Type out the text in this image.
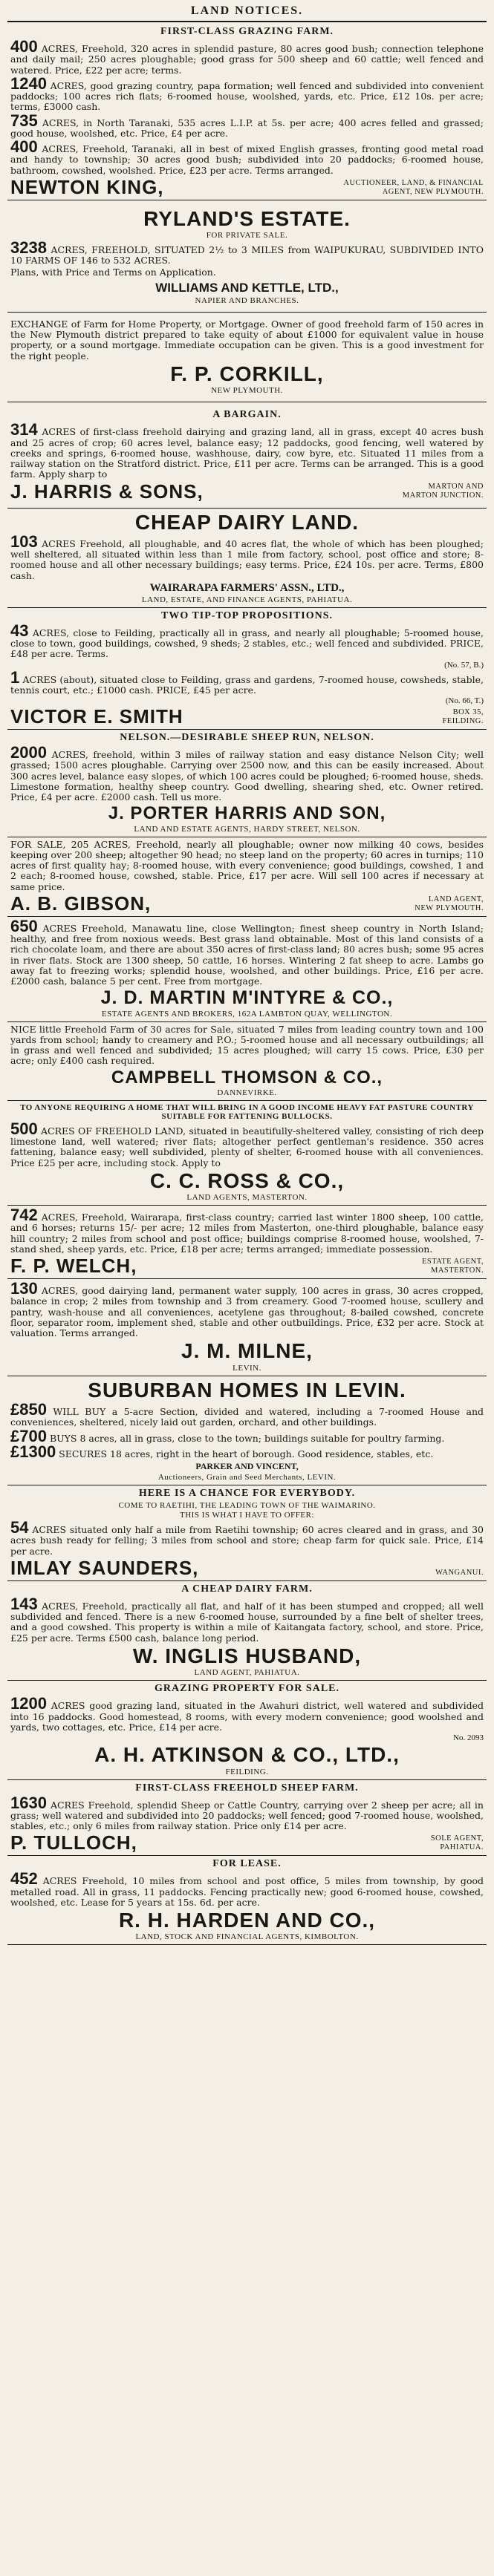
LAND NOTICES.
FIRST-CLASS GRAZING FARM.
400 ACRES, Freehold, 320 acres in splendid pasture, 80 acres good bush; connection telephone and daily mail; 250 acres ploughable; good grass for 500 sheep and 60 cattle; well fenced and watered. Price, £22 per acre; terms.
1240 ACRES, good grazing country, papa formation; well fenced and subdivided into convenient paddocks; 100 acres rich flats; 6-roomed house, woolshed, yards, etc. Price, £12 10s. per acre; terms, £3000 cash.
735 ACRES, in North Taranaki, 535 acres L.I.P. at 5s. per acre; 400 acres felled and grassed; good house, woolshed, etc. Price, £4 per acre.
400 ACRES, Freehold, Taranaki, all in best of mixed English grasses, fronting good metal road and handy to township; 30 acres good bush; subdivided into 20 paddocks; 6-roomed house, bathroom, cowshed, woolshed. Price, £23 per acre. Terms arranged.
NEWTON KING,	AUCTIONEER, LAND, & FINANCIAL
AGENT, NEW PLYMOUTH.
RYLAND'S ESTATE.
FOR PRIVATE SALE.
3238 ACRES, FREEHOLD, SITUATED 2½ to 3 MILES from WAIPUKURAU, SUBDIVIDED INTO 10 FARMS OF 146 to 532 ACRES.
Plans, with Price and Terms on Application.
WILLIAMS AND KETTLE, LTD.,
NAPIER AND BRANCHES.
EXCHANGE of Farm for Home Property, or Mortgage. Owner of good freehold farm of 150 acres in the New Plymouth district prepared to take equity of about £1000 for equivalent value in house property, or a sound mortgage. Immediate occupation can be given. This is a good investment for the right people.
F. P. CORKILL,
NEW PLYMOUTH.
A BARGAIN.
314 ACRES of first-class freehold dairying and grazing land, all in grass, except 40 acres bush and 25 acres of crop; 60 acres level, balance easy; 12 paddocks, good fencing, well watered by creeks and springs, 6-roomed house, washhouse, dairy, cow byre, etc. Situated 11 miles from a railway station on the Stratford district. Price, £11 per acre. Terms can be arranged. This is a good farm. Apply sharp to
J. HARRIS & SONS,	MARTON AND
MARTON JUNCTION.
CHEAP DAIRY LAND.
103 ACRES Freehold, all ploughable, and 40 acres flat, the whole of which has been ploughed; well sheltered, all situated within less than 1 mile from factory, school, post office and store; 8-roomed house and all other necessary buildings; easy terms. Price, £24 10s. per acre. Terms, £800 cash.
WAIRARAPA FARMERS' ASSN., LTD.,
LAND, ESTATE, AND FINANCE AGENTS, PAHIATUA.
TWO TIP-TOP PROPOSITIONS.
43 ACRES, close to Feilding, practically all in grass, and nearly all ploughable; 5-roomed house, close to town, good buildings, cowshed, 9 sheds; 2 stables, etc.; well fenced and subdivided. PRICE, £48 per acre. Terms.
(No. 57, B.)
1 ACRES (about), situated close to Feilding, grass and gardens, 7-roomed house, cowsheds, stable, tennis court, etc.; £1000 cash. PRICE, £45 per acre.
(No. 66, T.)
VICTOR E. SMITH	BOX 35,
FEILDING.
NELSON.—DESIRABLE SHEEP RUN, NELSON.
2000 ACRES, freehold, within 3 miles of railway station and easy distance Nelson City; well grassed; 1500 acres ploughable. Carrying over 2500 now, and this can be easily increased. About 300 acres level, balance easy slopes, of which 100 acres could be ploughed; 6-roomed house, sheds. Limestone formation, healthy sheep country. Good dwelling, shearing shed, etc. Owner retired. Price, £4 per acre. £2000 cash. Tell us more.
J. PORTER HARRIS AND SON,
LAND AND ESTATE AGENTS, HARDY STREET, NELSON.
FOR SALE, 205 ACRES, Freehold, nearly all ploughable; owner now milking 40 cows, besides keeping over 200 sheep; altogether 90 head; no steep land on the property; 60 acres in turnips; 110 acres of first quality hay; 8-roomed house, with every convenience; good buildings, cowshed, 1 and 2 each; 8-roomed house, cowshed, stable. Price, £17 per acre. Will sell 100 acres if necessary at same price.
A. B. GIBSON,	LAND AGENT,
NEW PLYMOUTH.
650 ACRES Freehold, Manawatu line, close Wellington; finest sheep country in North Island; healthy, and free from noxious weeds. Best grass land obtainable. Most of this land consists of a rich chocolate loam, and there are about 350 acres of first-class land; 80 acres bush; some 95 acres in river flats. Stock are 1300 sheep, 50 cattle, 16 horses. Wintering 2 fat sheep to acre. Lambs go away fat to freezing works; splendid house, woolshed, and other buildings. Price, £16 per acre. £2000 cash, balance 5 per cent. Free from mortgage.
J. D. MARTIN M'INTYRE & CO.,
ESTATE AGENTS AND BROKERS, 162A LAMBTON QUAY, WELLINGTON.
NICE little Freehold Farm of 30 acres for Sale, situated 7 miles from leading country town and 100 yards from school; handy to creamery and P.O.; 5-roomed house and all necessary outbuildings; all in grass and well fenced and subdivided; 15 acres ploughed; will carry 15 cows. Price, £30 per acre; only £400 cash required.
CAMPBELL THOMSON & CO.,
DANNEVIRKE.
TO ANYONE REQUIRING A HOME THAT WILL BRING IN A GOOD INCOME HEAVY FAT PASTURE COUNTRY SUITABLE FOR FATTENING BULLOCKS.
500 ACRES OF FREEHOLD LAND, situated in beautifully-sheltered valley, consisting of rich deep limestone land, well watered; river flats; altogether perfect gentleman's residence. 350 acres fattening, balance easy; well subdivided, plenty of shelter, 6-roomed house with all conveniences. Price £25 per acre, including stock. Apply to
C. C. ROSS & CO.,
LAND AGENTS, MASTERTON.
742 ACRES, Freehold, Wairarapa, first-class country; carried last winter 1800 sheep, 100 cattle, and 6 horses; returns 15/- per acre; 12 miles from Masterton, one-third ploughable, balance easy hill country; 2 miles from school and post office; buildings comprise 8-roomed house, woolshed, 7-stand shed, sheep yards, etc. Price, £18 per acre; terms arranged; immediate possession.
F. P. WELCH,	ESTATE AGENT,
MASTERTON.
130 ACRES, good dairying land, permanent water supply, 100 acres in grass, 30 acres cropped, balance in crop; 2 miles from township and 3 from creamery. Good 7-roomed house, scullery and pantry, wash-house and all conveniences, acetylene gas throughout; 8-bailed cowshed, concrete floor, separator room, implement shed, stable and other outbuildings. Price, £32 per acre. Stock at valuation. Terms arranged.
J. M. MILNE,
LEVIN.
SUBURBAN HOMES IN LEVIN.
£850 WILL BUY a 5-acre Section, divided and watered, including a 7-roomed House and conveniences, sheltered, nicely laid out garden, orchard, and other buildings.
£700 BUYS 8 acres, all in grass, close to the town; buildings suitable for poultry farming.
£1300 SECURES 18 acres, right in the heart of borough. Good residence, stables, etc.
PARKER AND VINCENT,
Auctioneers, Grain and Seed Merchants, LEVIN.
HERE IS A CHANCE FOR EVERYBODY.
COME TO RAETIHI, THE LEADING TOWN OF THE WAIMARINO.
THIS IS WHAT I HAVE TO OFFER:
54 ACRES situated only half a mile from Raetihi township; 60 acres cleared and in grass, and 30 acres bush ready for felling; 3 miles from school and store; cheap farm for quick sale. Price, £14 per acre.
IMLAY SAUNDERS,	WANGANUI.
A CHEAP DAIRY FARM.
143 ACRES, Freehold, practically all flat, and half of it has been stumped and cropped; all well subdivided and fenced. There is a new 6-roomed house, surrounded by a fine belt of shelter trees, and a good cowshed. This property is within a mile of Kaitangata factory, school, and store. Price, £25 per acre. Terms £500 cash, balance long period.
W. INGLIS HUSBAND,
LAND AGENT, PAHIATUA.
GRAZING PROPERTY FOR SALE.
1200 ACRES good grazing land, situated in the Awahuri district, well watered and subdivided into 16 paddocks. Good homestead, 8 rooms, with every modern convenience; good woolshed and yards, two cottages, etc. Price, £14 per acre.
No. 2093
A. H. ATKINSON & CO., LTD.,
FEILDING.
FIRST-CLASS FREEHOLD SHEEP FARM.
1630 ACRES Freehold, splendid Sheep or Cattle Country, carrying over 2 sheep per acre; all in grass; well watered and subdivided into 20 paddocks; well fenced; good 7-roomed house, woolshed, stables, etc.; only 6 miles from railway station. Price only £14 per acre.
P. TULLOCH,	SOLE AGENT,
PAHIATUA.
FOR LEASE.
452 ACRES Freehold, 10 miles from school and post office, 5 miles from township, by good metalled road. All in grass, 11 paddocks. Fencing practically new; good 6-roomed house, cowshed, woolshed, etc. Lease for 5 years at 15s. 6d. per acre.
R. H. HARDEN AND CO.,
LAND, STOCK AND FINANCIAL AGENTS, KIMBOLTON.
